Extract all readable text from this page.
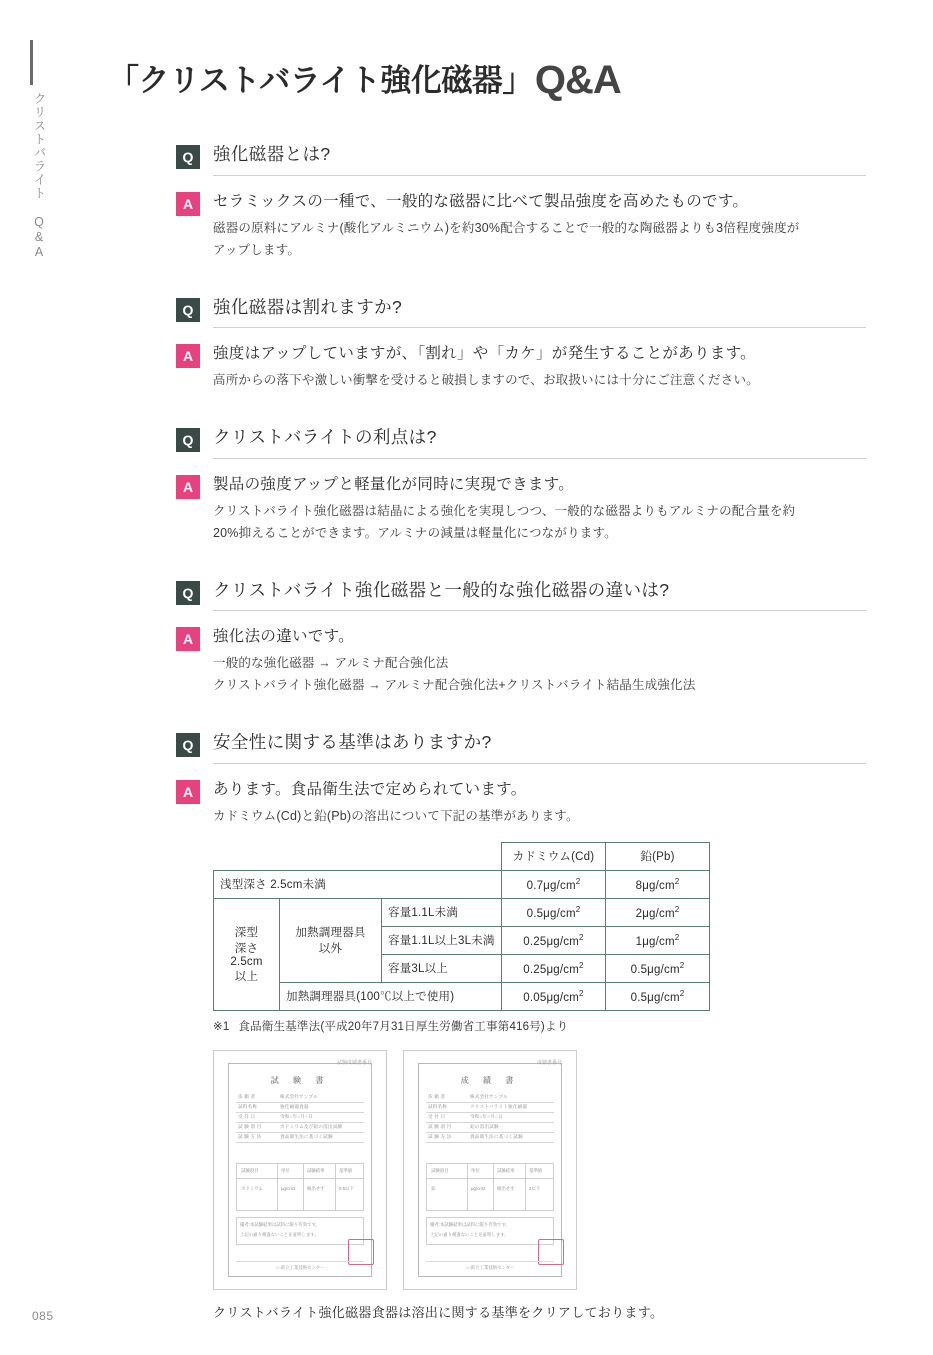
クリストバライト Q&A
085
「クリストバライト強化磁器」 Q&A
Q	強化磁器とは?
A	セラミックスの一種で、一般的な磁器に比べて製品強度を高めたものです。
磁器の原料にアルミナ(酸化アルミニウム)を約30%配合することで一般的な陶磁器よりも3倍程度強度が
アップします。
Q	強化磁器は割れますか?
A	強度はアップしていますが、「割れ」や「カケ」が発生することがあります。
高所からの落下や激しい衝撃を受けると破損しますので、お取扱いには十分にご注意ください。
Q	クリストバライトの利点は?
A	製品の強度アップと軽量化が同時に実現できます。
クリストバライト強化磁器は結晶による強化を実現しつつ、一般的な磁器よりもアルミナの配合量を約
20%抑えることができます。アルミナの減量は軽量化につながります。
Q	クリストバライト強化磁器と一般的な強化磁器の違いは?
A	強化法の違いです。
一般的な強化磁器 → アルミナ配合強化法
クリストバライト強化磁器 → アルミナ配合強化法+クリストバライト結晶生成強化法
Q	安全性に関する基準はありますか?
A	あります。食品衛生法で定められています。
カドミウム(Cd)と鉛(Pb)の溶出について下記の基準があります。
			カドミウム(Cd)	鉛(Pb)
浅型深さ 2.5cm未満			$0.7\mu g/cm^2$	$8\mu g/cm^2$

深型
深さ2.5cm
以上	加熱調理器具
以外	容量1.1L未満	$0.5\mu g/cm^2$	$2\mu g/cm^2$
		容量1.1L以上3L未満	$0.25\mu g/cm^2$	$1\mu g/cm^2$
		容量3L以上	$0.25\mu g/cm^2$	$0.5\mu g/cm^2$
	加熱調理器具(100℃以上で使用)		$0.05\mu g/cm^2$	$0.5\mu g/cm^2$
※1 食品衛生基準法(平成20年7月31日厚生労働省工事第416号)より
試験成績書番号
試 験 書
依 頼 者	株式会社サンプル
試料名称	強化磁器食器
受 付 日	令和○年○月○日
試 験 項 目	カドミウム及び鉛の溶出試験
試 験 方 法	食品衛生法に基づく試験
試験項目	単位	試験結果	基準値
カドミウム	μg/cm2	検出せず	0.5以下
備考:本試験結果は試料に限り有効です。
上記の通り相違ないことを証明します。
○○県立工業技術センター
成績書番号
成 績 書
依 頼 者	株式会社サンプル
試料名称	クリストバライト強化磁器
受 付 日	令和○年○月○日
試 験 項 目	鉛の溶出試験
試 験 方 法	食品衛生法に基づく試験
試験項目	単位	試験結果	基準値
鉛	μg/cm2	検出せず	2以下
備考:本試験結果は試料に限り有効です。
上記の通り相違ないことを証明します。
○○県立工業技術センター
クリストバライト強化磁器食器は溶出に関する基準をクリアしております。
